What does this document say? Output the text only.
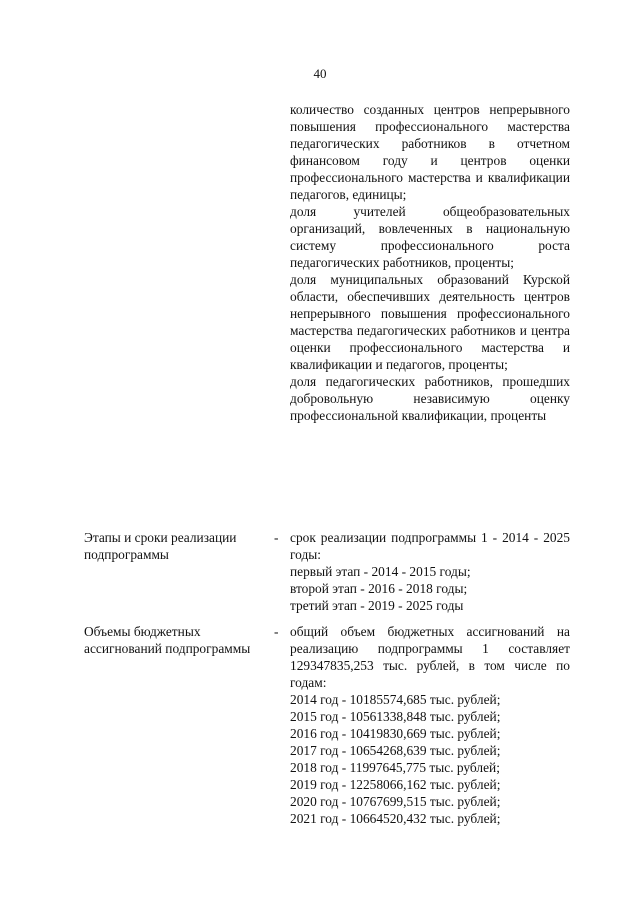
40
количество созданных центров непрерывного повышения профессионального мастерства педагогических работников в отчетном финансовом году и центров оценки профессионального мастерства и квалификации педагогов, единицы;
доля учителей общеобразовательных организаций, вовлеченных в национальную систему профессионального роста педагогических работников, проценты;
доля муниципальных образований Курской области, обеспечивших деятельность центров непрерывного повышения профессионального мастерства педагогических работников и центра оценки профессионального мастерства и квалификации и педагогов, проценты;
доля педагогических работников, прошедших добровольную независимую оценку профессиональной квалификации, проценты
Этапы и сроки реализации подпрограммы
- срок реализации подпрограммы 1 - 2014 - 2025 годы:
первый этап - 2014 - 2015 годы;
второй этап - 2016 - 2018 годы;
третий этап - 2019 - 2025 годы
Объемы бюджетных ассигнований подпрограммы
- общий объем бюджетных ассигнований на реализацию подпрограммы 1 составляет 129347835,253 тыс. рублей, в том числе по годам:
2014 год - 10185574,685 тыс. рублей;
2015 год - 10561338,848 тыс. рублей;
2016 год - 10419830,669 тыс. рублей;
2017 год - 10654268,639 тыс. рублей;
2018 год - 11997645,775 тыс. рублей;
2019 год - 12258066,162 тыс. рублей;
2020 год - 10767699,515 тыс. рублей;
2021 год - 10664520,432 тыс. рублей;
